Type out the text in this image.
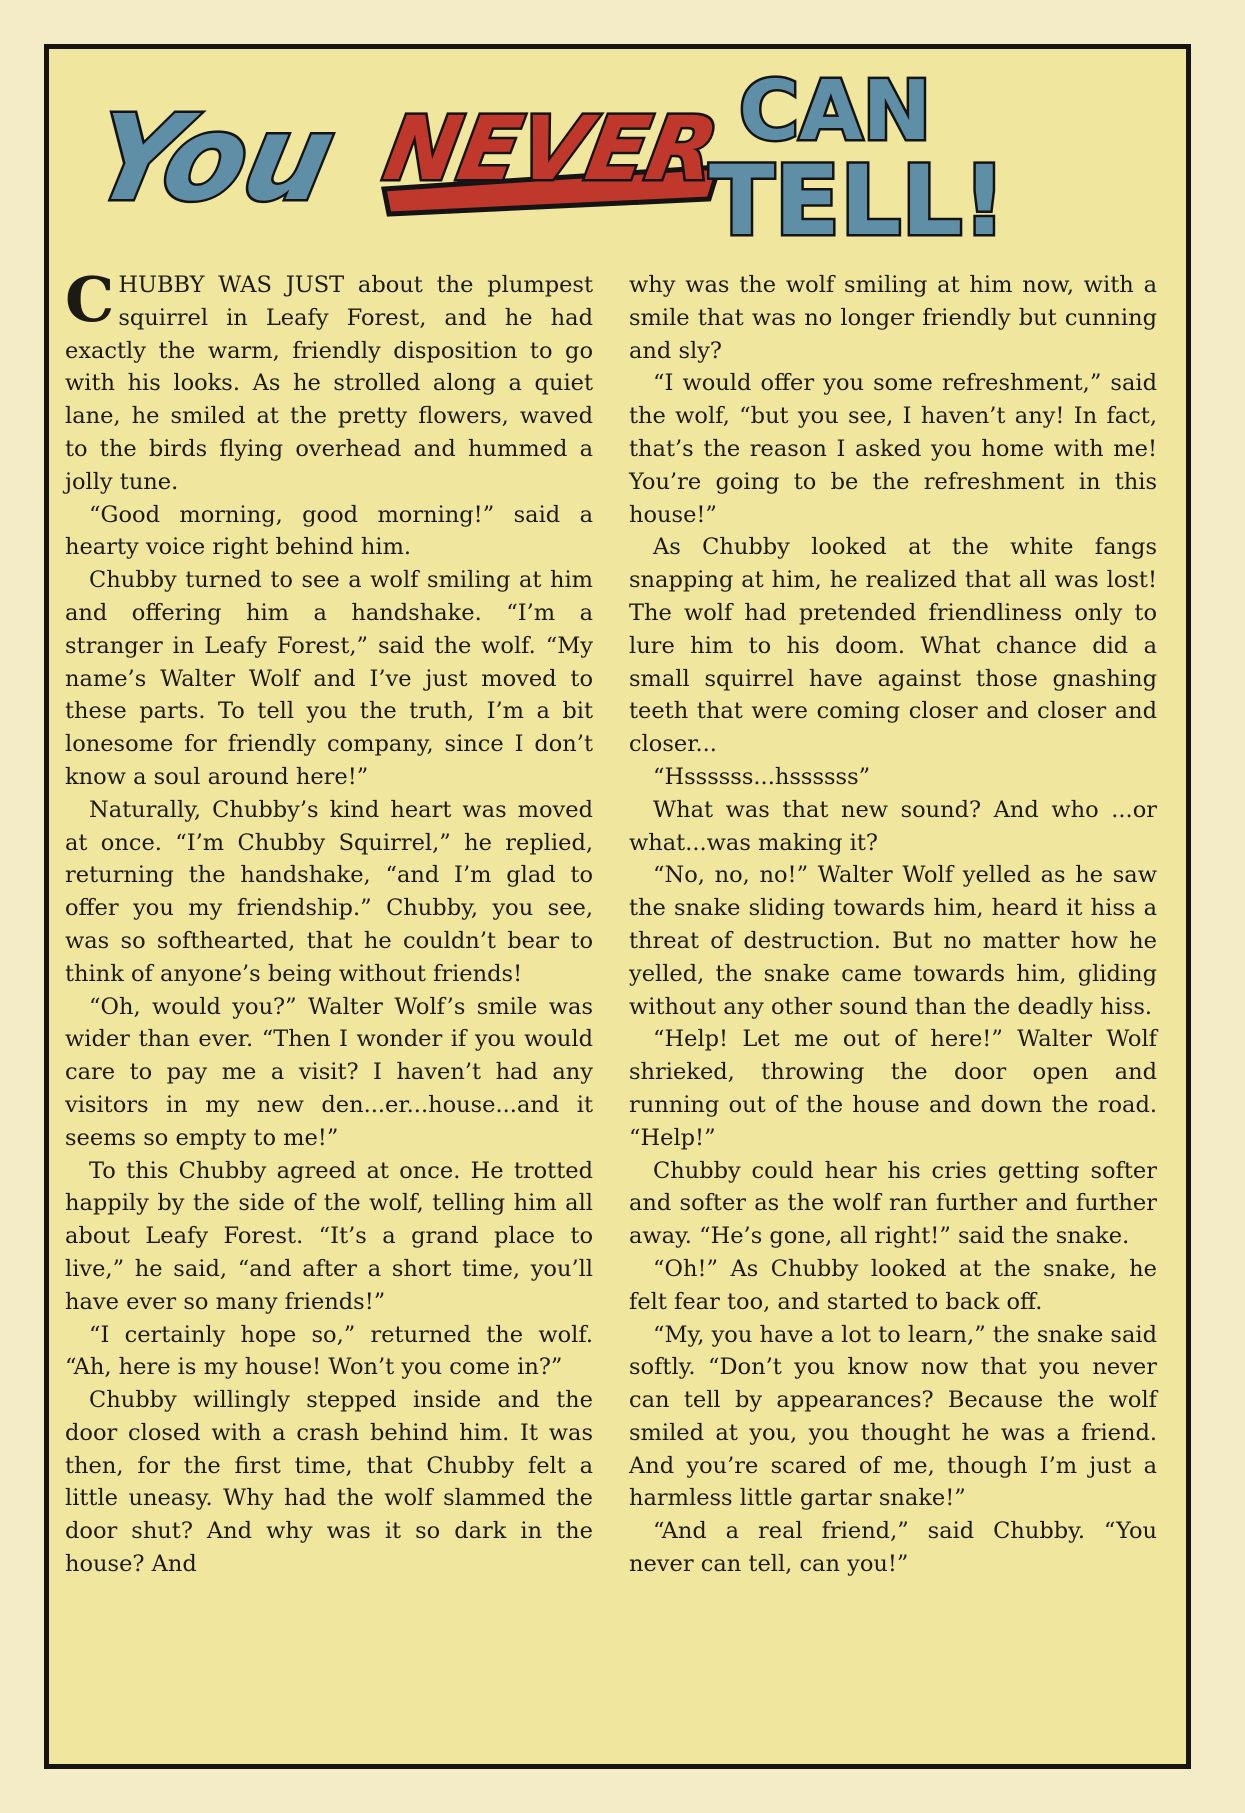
You NEVER CAN
TELL!

CHUBBY WAS JUST about the plumpest squirrel in Leafy Forest, and he had exactly the warm, friendly disposition to go with his looks. As he strolled along a quiet lane, he smiled at the pretty flowers, waved to the birds flying overhead and hummed a jolly tune.

“Good morning, good morning!” said a hearty voice right behind him.

Chubby turned to see a wolf smiling at him and offering him a handshake. “I’m a stranger in Leafy Forest,” said the wolf. “My name’s Walter Wolf and I’ve just moved to these parts. To tell you the truth, I’m a bit lonesome for friendly company, since I don’t know a soul around here!”

Naturally, Chubby’s kind heart was moved at once. “I’m Chubby Squirrel,” he replied, returning the handshake, “and I’m glad to offer you my friendship.” Chubby, you see, was so softhearted, that he couldn’t bear to think of anyone’s being without friends!

“Oh, would you?” Walter Wolf’s smile was wider than ever. “Then I wonder if you would care to pay me a visit? I haven’t had any visitors in my new den...er...house...and it seems so empty to me!”

To this Chubby agreed at once. He trotted happily by the side of the wolf, telling him all about Leafy Forest. “It’s a grand place to live,” he said, “and after a short time, you’ll have ever so many friends!”

“I certainly hope so,” returned the wolf. “Ah, here is my house! Won’t you come in?”

Chubby willingly stepped inside and the door closed with a crash behind him. It was then, for the first time, that Chubby felt a little uneasy. Why had the wolf slammed the door shut? And why was it so dark in the house? And

why was the wolf smiling at him now, with a smile that was no longer friendly but cunning and sly?

“I would offer you some refreshment,” said the wolf, “but you see, I haven’t any! In fact, that’s the reason I asked you home with me! You’re going to be the refreshment in this house!”

As Chubby looked at the white fangs snapping at him, he realized that all was lost! The wolf had pretended friendliness only to lure him to his doom. What chance did a small squirrel have against those gnashing teeth that were coming closer and closer and closer...

“Hssssss...hssssss”

What was that new sound? And who ...or what...was making it?

“No, no, no!” Walter Wolf yelled as he saw the snake sliding towards him, heard it hiss a threat of destruction. But no matter how he yelled, the snake came towards him, gliding without any other sound than the deadly hiss.

“Help! Let me out of here!” Walter Wolf shrieked, throwing the door open and running out of the house and down the road. “Help!”

Chubby could hear his cries getting softer and softer as the wolf ran further and further away. “He’s gone, all right!” said the snake.

“Oh!” As Chubby looked at the snake, he felt fear too, and started to back off.

“My, you have a lot to learn,” the snake said softly. “Don’t you know now that you never can tell by appearances? Because the wolf smiled at you, you thought he was a friend. And you’re scared of me, though I’m just a harmless little gartar snake!”

“And a real friend,” said Chubby. “You never can tell, can you!”
